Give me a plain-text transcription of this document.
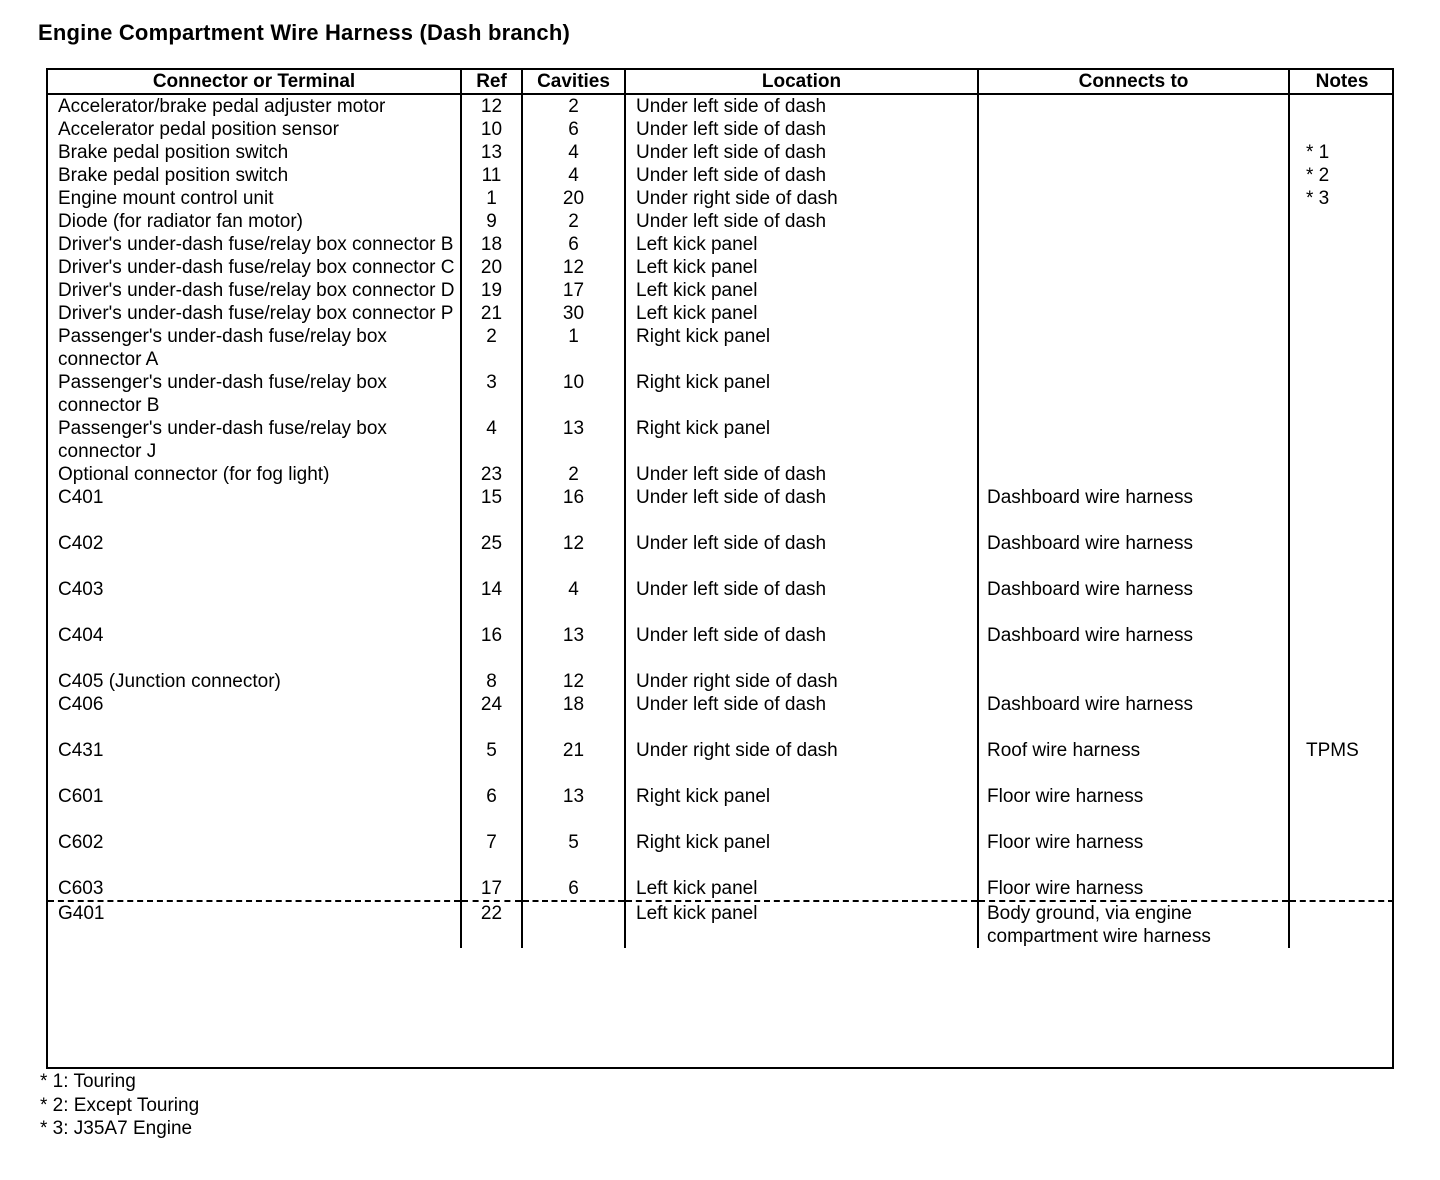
Engine Compartment Wire Harness (Dash branch)
Connector or Terminal	Ref	Cavities	Location	Connects to	Notes
Accelerator/brake pedal adjuster motor	12	2	Under left side of dash		
Accelerator pedal position sensor	10	6	Under left side of dash		
Brake pedal position switch	13	4	Under left side of dash		* 1
Brake pedal position switch	11	4	Under left side of dash		* 2
Engine mount control unit	1	20	Under right side of dash		* 3
Diode (for radiator fan motor)	9	2	Under left side of dash		
Driver's under-dash fuse/relay box connector B	18	6	Left kick panel		
Driver's under-dash fuse/relay box connector C	20	12	Left kick panel		
Driver's under-dash fuse/relay box connector D	19	17	Left kick panel		
Driver's under-dash fuse/relay box connector P	21	30	Left kick panel		
Passenger's under-dash fuse/relay box connector A	2	1	Right kick panel		
Passenger's under-dash fuse/relay box connector B	3	10	Right kick panel		
Passenger's under-dash fuse/relay box connector J	4	13	Right kick panel		
Optional connector (for fog light)	23	2	Under left side of dash		
C401	15	16	Under left side of dash	Dashboard wire harness	
C402	25	12	Under left side of dash	Dashboard wire harness	
C403	14	4	Under left side of dash	Dashboard wire harness	
C404	16	13	Under left side of dash	Dashboard wire harness	
C405 (Junction connector)	8	12	Under right side of dash		
C406	24	18	Under left side of dash	Dashboard wire harness	
C431	5	21	Under right side of dash	Roof wire harness	TPMS
C601	6	13	Right kick panel	Floor wire harness	
C602	7	5	Right kick panel	Floor wire harness	
C603	17	6	Left kick panel	Floor wire harness	
G401	22		Left kick panel	Body ground, via engine compartment wire harness	
* 1: Touring
* 2: Except Touring
* 3: J35A7 Engine
